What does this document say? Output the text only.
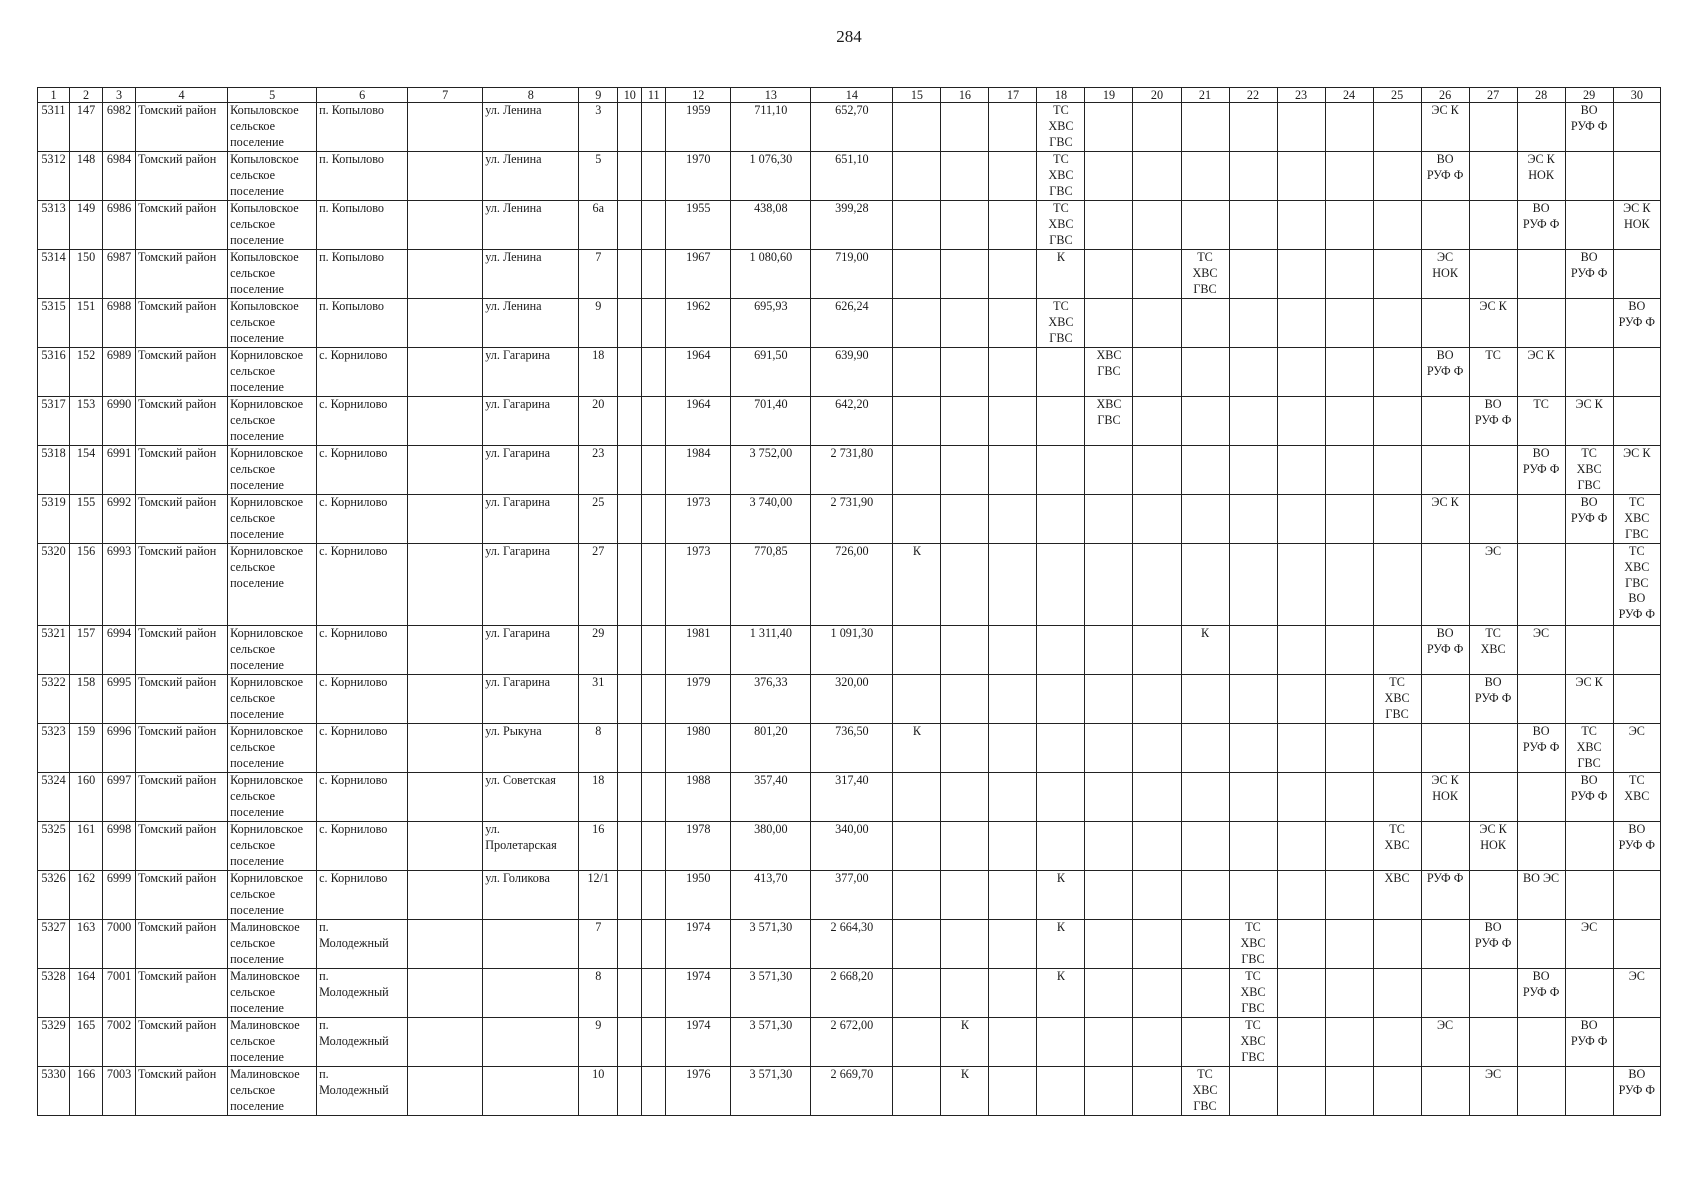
284
1	2	3	4	5	6	7	8	9	10	11	12	13	14	15	16	17	18	19	20	21	22	23	24	25	26	27	28	29	30
5311	147	6982	Томский район	Копыловское
сельское
поселение	п. Копылово		ул. Ленина	3			1959	711,10	652,70				ТС
ХВС
ГВС								ЭС К			ВО
РУФ Ф	
5312	148	6984	Томский район	Копыловское
сельское
поселение	п. Копылово		ул. Ленина	5			1970	1 076,30	651,10				ТС
ХВС
ГВС								ВО
РУФ Ф		ЭС К
НОК		
5313	149	6986	Томский район	Копыловское
сельское
поселение	п. Копылово		ул. Ленина	6а			1955	438,08	399,28				ТС
ХВС
ГВС										ВО
РУФ Ф		ЭС К
НОК
5314	150	6987	Томский район	Копыловское
сельское
поселение	п. Копылово		ул. Ленина	7			1967	1 080,60	719,00				К			ТС
ХВС
ГВС					ЭС
НОК			ВО
РУФ Ф	
5315	151	6988	Томский район	Копыловское
сельское
поселение	п. Копылово		ул. Ленина	9			1962	695,93	626,24				ТС
ХВС
ГВС									ЭС К			ВО
РУФ Ф
5316	152	6989	Томский район	Корниловское
сельское
поселение	с. Корнилово		ул. Гагарина	18			1964	691,50	639,90					ХВС
ГВС							ВО
РУФ Ф	ТС	ЭС К		
5317	153	6990	Томский район	Корниловское
сельское
поселение	с. Корнилово		ул. Гагарина	20			1964	701,40	642,20					ХВС
ГВС								ВО
РУФ Ф	ТС	ЭС К	
5318	154	6991	Томский район	Корниловское
сельское
поселение	с. Корнилово		ул. Гагарина	23			1984	3 752,00	2 731,80														ВО
РУФ Ф	ТС
ХВС
ГВС	ЭС К
5319	155	6992	Томский район	Корниловское
сельское
поселение	с. Корнилово		ул. Гагарина	25			1973	3 740,00	2 731,90												ЭС К			ВО
РУФ Ф	ТС
ХВС
ГВС
5320	156	6993	Томский район	Корниловское
сельское
поселение	с. Корнилово		ул. Гагарина	27			1973	770,85	726,00	К												ЭС			ТС
ХВС
ГВС
ВО
РУФ Ф
5321	157	6994	Томский район	Корниловское
сельское
поселение	с. Корнилово		ул. Гагарина	29			1981	1 311,40	1 091,30							К					ВО
РУФ Ф	ТС
ХВС	ЭС		
5322	158	6995	Томский район	Корниловское
сельское
поселение	с. Корнилово		ул. Гагарина	31			1979	376,33	320,00											ТС
ХВС
ГВС		ВО
РУФ Ф		ЭС К	
5323	159	6996	Томский район	Корниловское
сельское
поселение	с. Корнилово		ул. Рыкуна	8			1980	801,20	736,50	К													ВО
РУФ Ф	ТС
ХВС
ГВС	ЭС
5324	160	6997	Томский район	Корниловское
сельское
поселение	с. Корнилово		ул. Советская	18			1988	357,40	317,40												ЭС К
НОК			ВО
РУФ Ф	ТС
ХВС
5325	161	6998	Томский район	Корниловское
сельское
поселение	с. Корнилово		ул.
Пролетарская	16			1978	380,00	340,00											ТС
ХВС		ЭС К
НОК			ВО
РУФ Ф
5326	162	6999	Томский район	Корниловское
сельское
поселение	с. Корнилово		ул. Голикова	12/1			1950	413,70	377,00				К							ХВС	РУФ Ф		ВО ЭС		
5327	163	7000	Томский район	Малиновское
сельское
поселение	п.
Молодежный			7			1974	3 571,30	2 664,30				К				ТС
ХВС
ГВС					ВО
РУФ Ф		ЭС	
5328	164	7001	Томский район	Малиновское
сельское
поселение	п.
Молодежный			8			1974	3 571,30	2 668,20				К				ТС
ХВС
ГВС						ВО
РУФ Ф		ЭС
5329	165	7002	Томский район	Малиновское
сельское
поселение	п.
Молодежный			9			1974	3 571,30	2 672,00		К						ТС
ХВС
ГВС				ЭС			ВО
РУФ Ф	
5330	166	7003	Томский район	Малиновское
сельское
поселение	п.
Молодежный			10			1976	3 571,30	2 669,70		К					ТС
ХВС
ГВС						ЭС			ВО
РУФ Ф
